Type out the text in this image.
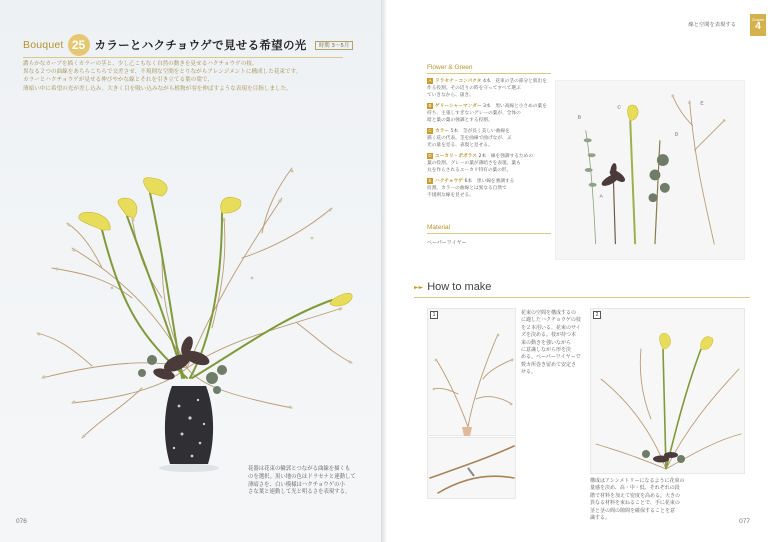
Bouquet 25 カラーとハクチョウゲで見せる希望の光	時期 3～5月

濃らかなカーブを描くカラーの茎と、少し乙こもなく自然の動きを見せるハクチョウゲの枝。

異なる２つの曲線をあちらこちらで交差させ、不規則な空間をとりながらアレンジメントに構成した花束です。

カラーとハクチョウゲが見せる伸びやかな線とそれを引き立てる葉の葉で、

薄暗い中に希望の光が差し込み、大きく目を吸い込みながら植物が羽を伸ばすような表現を目指しました。

花器は花束の輪郭とつながる曲線を描くも

のを選択。黒い地の色はドラセナと連動して

薄暗さを、白い模様はハクチョウゲの小

さな葉と連動して光と明るさを表現する。

076
線と空間を表現する
Chapter
4
Flower & Green

A ドラセナ・コンパクタ 4本　花束の茎の部分と肌出を

作る役割。その辺りの時を守ってすべて選ぶ

ていきなから、扱き。

B ゲリーシャーマンダー 3本　黒い高線と小さめの葉を

持ち、主張しすぎないグレーの葉が、全体の

暗と葉の葉の強調とする役割。

C カラー 5本　茎が長く美しい曲線を

描く花の代表。茎を曲線で曲げなが、ぶ

光の量を見る、表現と見せる。

D ユーカリ・ポポラス 2本　線を強調するための

葉の役割。グレーの葉が薄暗さを表現、葉も

丸を作らされるユーカリ特有の葉の形。

E ハクチョウゲ 6本　黒い線を強調する

役割。カラーの曲線とは異なる自然で

不規則な線を見せる。

Material
ペーパーワイヤー
B
C
D
E
A
►► How to make
1	花束の空間を構成するの

に適したハクチョウゲの枝

を２本用いる。花束のサイ

ズを決める。枝が持つ本

来の動きを強いながら

に意識しながら形を決

める。ペーパーワイヤーで

数カ所巻き留めて安定さ

せる。

2

構成はアシンメトリーになるように花束の

量感を決め、高・中・低、それぞれの段

階で材料を加えて密度を高める。大きの

異なる材料を束ねることで、手に花束の

茎と茎の間の隙間を確保することを意

識する。	077
